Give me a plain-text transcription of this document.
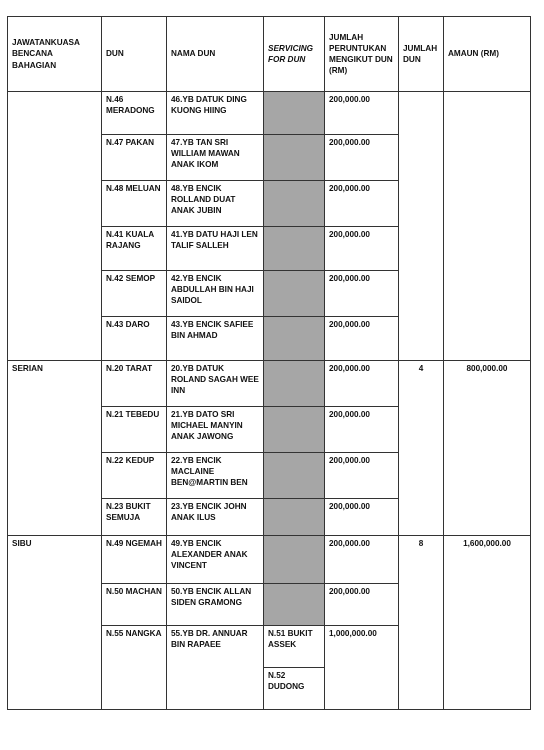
JAWATANKUASA BENCANA BAHAGIAN	DUN	NAMA DUN	SERVICING FOR DUN	JUMLAH PERUNTUKAN MENGIKUT DUN (RM)	JUMLAH DUN	AMAUN (RM)
	N.46 MERADONG	46.YB DATUK DING KUONG HIING		200,000.00		
	N.47 PAKAN	47.YB TAN SRI WILLIAM MAWAN ANAK IKOM		200,000.00		
	N.48 MELUAN	48.YB ENCIK ROLLAND DUAT ANAK JUBIN		200,000.00		
	N.41 KUALA RAJANG	41.YB DATU HAJI LEN TALIF SALLEH		200,000.00		
	N.42 SEMOP	42.YB ENCIK ABDULLAH BIN HAJI SAIDOL		200,000.00		
	N.43 DARO	43.YB ENCIK SAFIEE BIN AHMAD		200,000.00		
SERIAN	N.20 TARAT	20.YB DATUK ROLAND SAGAH WEE INN		200,000.00	4	800,000.00
	N.21 TEBEDU	21.YB DATO SRI MICHAEL MANYIN ANAK JAWONG		200,000.00		
	N.22 KEDUP	22.YB ENCIK MACLAINE BEN@MARTIN BEN		200,000.00		
	N.23 BUKIT SEMUJA	23.YB ENCIK JOHN ANAK ILUS		200,000.00		
SIBU	N.49 NGEMAH	49.YB ENCIK ALEXANDER ANAK VINCENT		200,000.00	8	1,600,000.00
	N.50 MACHAN	50.YB ENCIK ALLAN SIDEN GRAMONG		200,000.00		
	N.55 NANGKA	55.YB DR. ANNUAR BIN RAPAEE	N.51 BUKIT ASSEK	1,000,000.00		
			N.52 DUDONG			
